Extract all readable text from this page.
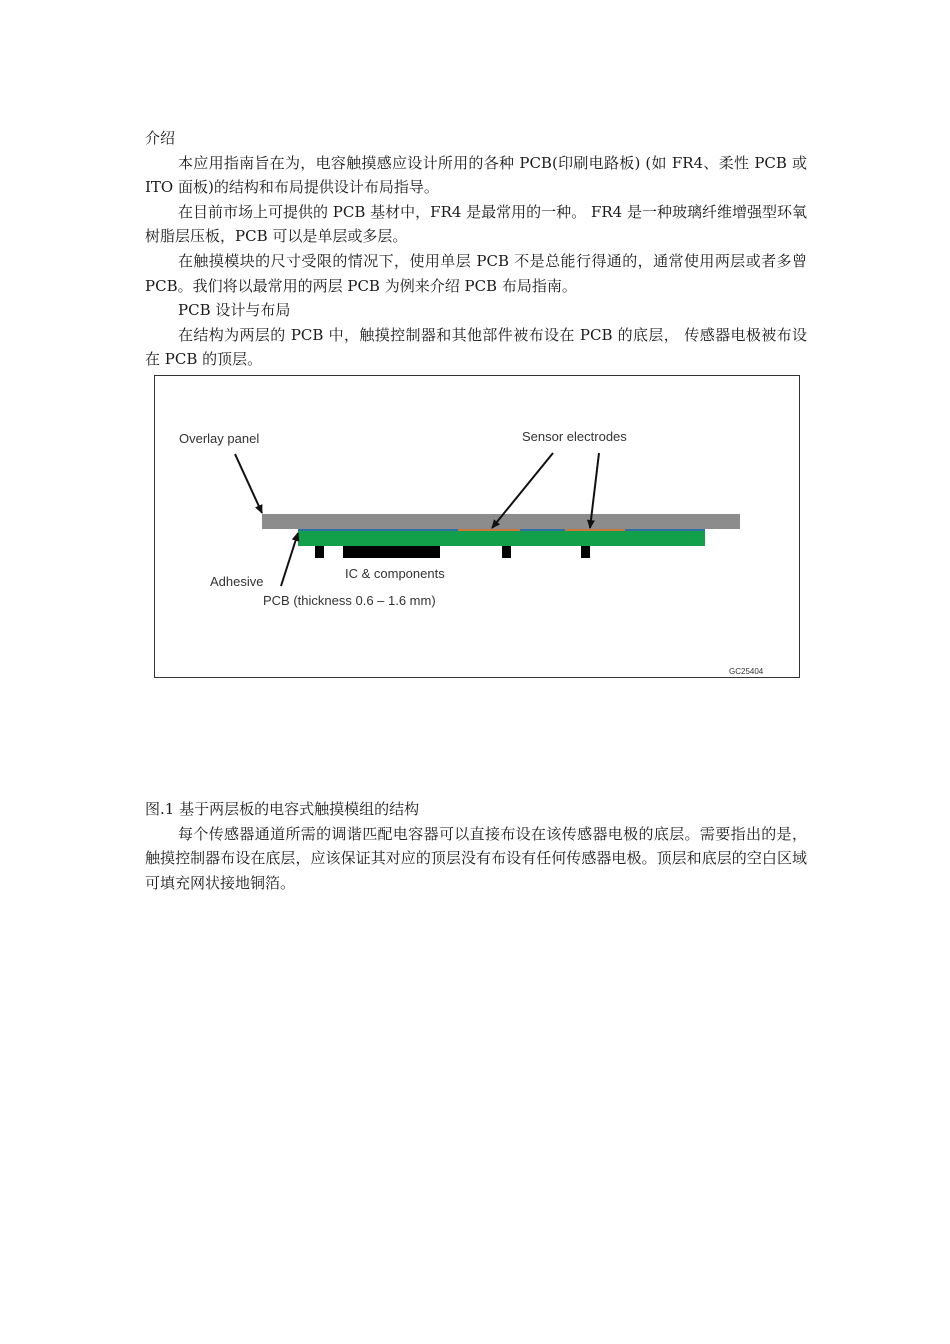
介绍

本应用指南旨在为，电容触摸感应设计所用的各种 PCB(印刷电路板) (如 FR4、柔性 PCB 或 ITO 面板)的结构和布局提供设计布局指导。

在目前市场上可提供的 PCB 基材中，FR4 是最常用的一种。 FR4 是一种玻璃纤维增强型环氧树脂层压板，PCB 可以是单层或多层。

在触摸模块的尺寸受限的情况下，使用单层 PCB 不是总能行得通的，通常使用两层或者多曾 PCB。我们将以最常用的两层 PCB 为例来介绍 PCB 布局指南。

PCB 设计与布局

在结构为两层的 PCB 中，触摸控制器和其他部件被布设在 PCB 的底层， 传感器电极被布设在 PCB 的顶层。

Overlay panel	Sensor electrodes
Adhesive
IC & components
PCB (thickness 0.6 – 1.6 mm)
GC25404

图.1 基于两层板的电容式触摸模组的结构

每个传感器通道所需的调谐匹配电容器可以直接布设在该传感器电极的底层。需要指出的是，触摸控制器布设在底层，应该保证其对应的顶层没有布设有任何传感器电极。顶层和底层的空白区域可填充网状接地铜箔。
